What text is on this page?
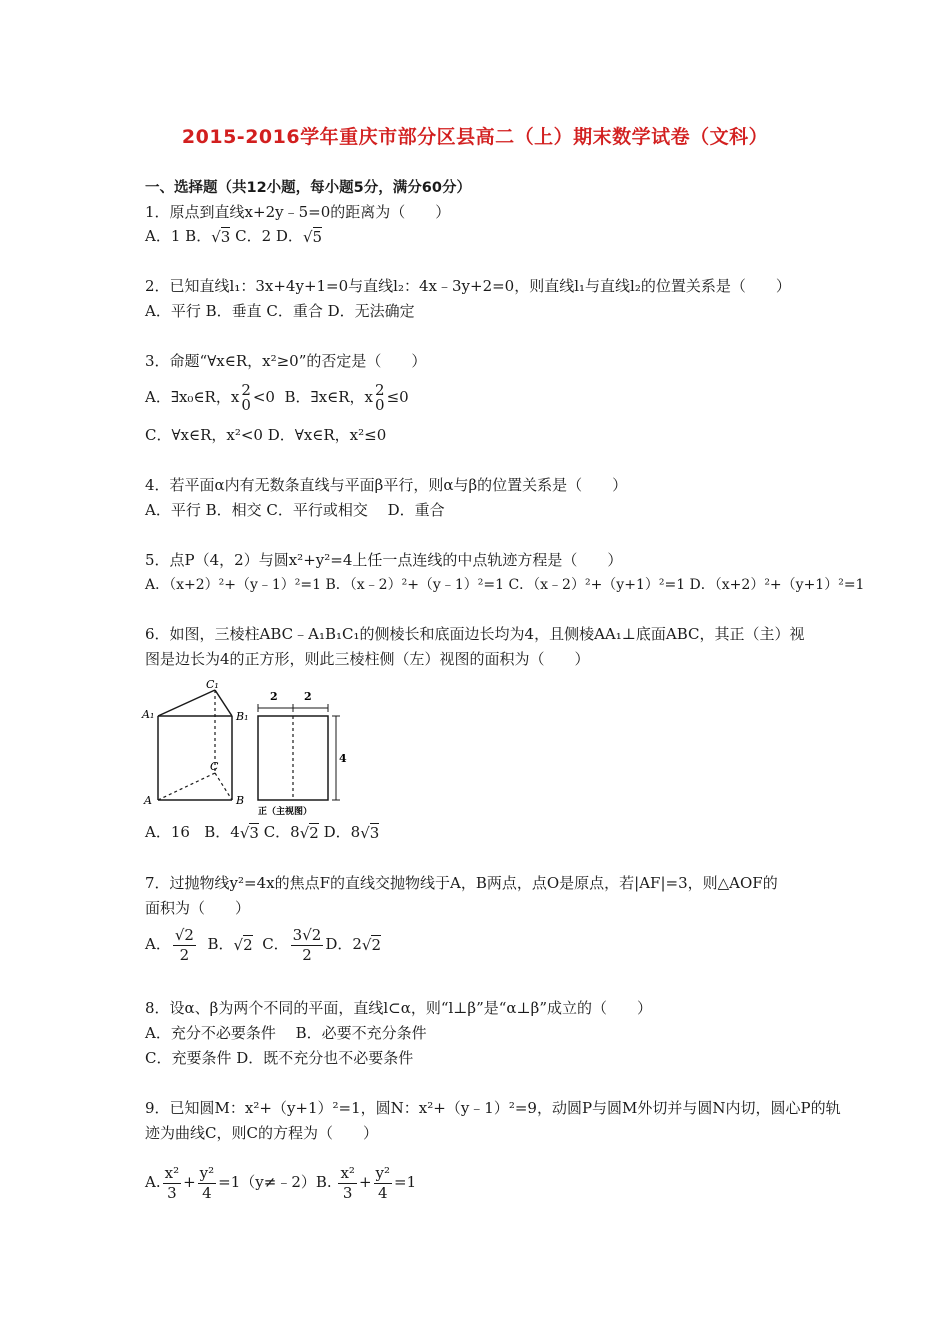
2015-2016学年重庆市部分区县高二（上）期末数学试卷（文科）
一、选择题（共12小题，每小题5分，满分60分）
1．原点到直线x+2y﹣5=0的距离为（　　）
A．1 B．√3 C．2 D．√5
2．已知直线l₁：3x+4y+1=0与直线l₂：4x﹣3y+2=0，则直线l₁与直线l₂的位置关系是（　　）
A．平行 B．垂直 C．重合 D．无法确定
3．命题“∀x∈R，x²≥0”的否定是（　　）
A．∃x₀∈R，x 2
0 <0 B．∃x∈R，x 2
0 ≤0
C．∀x∈R，x²<0 D．∀x∈R，x²≤0
4．若平面α内有无数条直线与平面β平行，则α与β的位置关系是（　　）
A．平行 B．相交 C．平行或相交　 D．重合
5．点P（4，2）与圆x²+y²=4上任一点连线的中点轨迹方程是（　　）
A．（x+2）²+（y﹣1）²=1 B．（x﹣2）²+（y﹣1）²=1 C．（x﹣2）²+（y+1）²=1 D．（x+2）²+（y+1）²=1
6．如图，三棱柱ABC﹣A₁B₁C₁的侧棱长和底面边长均为4，且侧棱AA₁⊥底面ABC，其正（主）视
图是边长为4的正方形，则此三棱柱侧（左）视图的面积为（　　）
C₁
A₁	B₁
C
A	B
2 2
4
正（主视图）
A．16 B．4√3 C．8√2 D．8√3
7．过抛物线y²=4x的焦点F的直线交抛物线于A，B两点，点O是原点，若|AF|=3，则△AOF的
面积为（　　）
A． $\frac{√2}{2}$ B．√2 C． $\frac{3√2}{2}$ D．2√2
8．设α、β为两个不同的平面，直线l⊂α，则“l⊥β”是“α⊥β”成立的（　　）
A．充分不必要条件　 B．必要不充分条件
C．充要条件 D．既不充分也不必要条件
9．已知圆M：x²+（y+1）²=1，圆N：x²+（y﹣1）²=9，动圆P与圆M外切并与圆N内切，圆心P的轨
迹为曲线C，则C的方程为（　　）
A. $\frac{\text{x²}}{3} + \frac{\text{y²}}{4}$ =1（y≠﹣2）B. $\frac{\text{x²}}{3} + \frac{\text{y²}}{4} =1$
